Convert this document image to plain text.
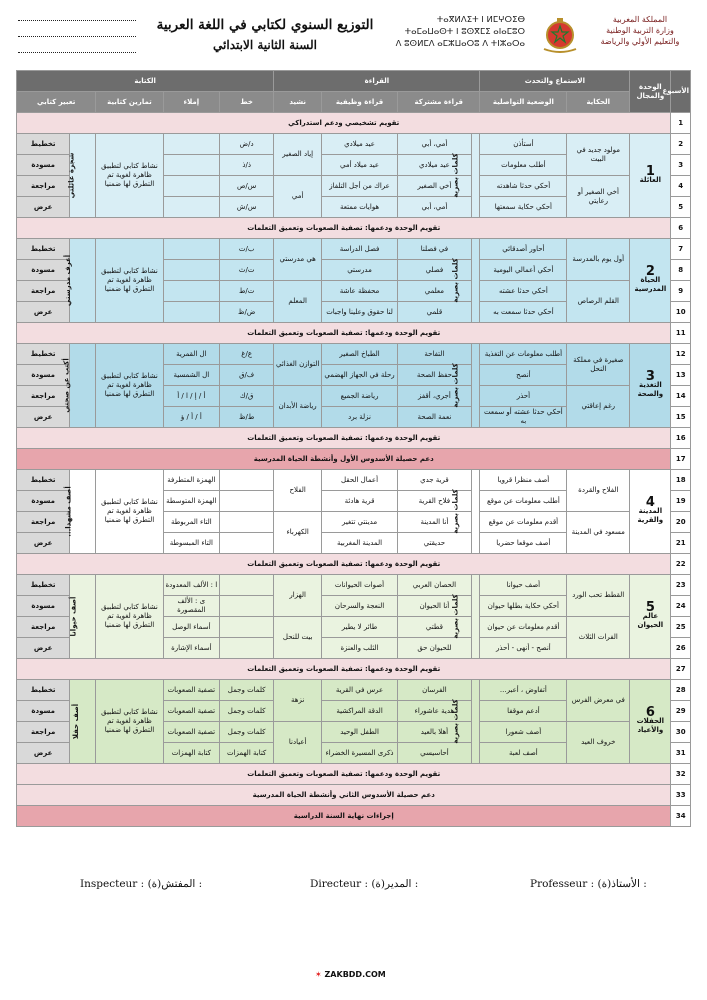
التوزيع السنوي لكتابي في اللغة العربية
السنة الثانية الابتدائي
ⵜⴰⴳⵍⴷⵉⵜ ⵏ ⵍⵎⵖⵔⵉⴱ
ⵜⴰⵎⴰⵡⴰⵙⵜ ⵏ ⵓⵙⴳⵎⵉ ⴰⵏⴰⵎⵓⵔ
ⴷ ⵓⵙⵍⵎⴷ ⴰⵎⵣⵡⴰⵔⵓ ⴷ ⵜⵏⵣⴰⵔⴰ
المملكة المغربية
وزارة التربية الوطنية
والتعليم الأولي والرياضة
الأسبوع	الوحدة والمجال	الاستماع والتحدث		القراءة				الكتابة				
		الحكاية	الوضعية التواصلية	قراءة مشتركة		قراءة وظيفية	نشيد	خط	إملاء	تمارين كتابية	تعبير كتابي	
1	تقويم تشخيصي ودعم استدراكي											
2	1
العائلة	مولود جديد في البيت	أستأذن	كلمات بصرية	أمي، أبي	عيد ميلادي	إياد الصغير	د/ض		نشاط كتابي لتطبيق ظاهرة لغوية تم التطرق لها ضمنيا	شجرة عائلتي	تخطيط
3			أطلب معلومات		عيد ميلادي	عيد ميلاد أمي		ذ/ذ				مسودة
4		أخي الصغير أو رعايتي	أحكي حدثا شاهدته		أخي الصغير	عراك من أجل التلفاز	أمي	س/ص				مراجعة
5			أحكي حكاية سمعتها		أمي، أبي	هوايات ممتعة		س/ش				عرض
6	تقويم الوحدة ودعمها: تصفية الصعوبات وتعميق التعلمات											
7	2
الحياة المدرسية	أول يوم بالمدرسة	أحاور أصدقائي	كلمات بصرية	في فصلنا	فصل الدراسة	هي مدرستي	ب/ت		نشاط كتابي لتطبيق ظاهرة لغوية تم التطرق لها ضمنيا	أعرف مدرستي	تخطيط
8			أحكي أعمالي اليومية		فصلي	مدرستي		ت/ث				مسودة
9		القلم الرصاص	أحكي حدثا عشته		معلمي	محفظة عاشة	المعلم	ت/ط				مراجعة
10			أحكي حدثا سمعت به		قلمي	لنا حقوق وعلينا واجبات		ض/ظ				عرض
11	تقويم الوحدة ودعمها: تصفية الصعوبات وتعميق التعلمات											
12	3
التغذية والصحة	صغيرة في مملكة النحل	أطلب معلومات عن التغذية	كلمات بصرية	التفاحة	الطباخ الصغير	التوازن الغذائي	ع/غ	ال القمرية	نشاط كتابي لتطبيق ظاهرة لغوية تم التطرق لها ضمنيا	أكتب عن صحتي	تخطيط
13			أنصح		حفظ الصحة	رحلة في الجهاز الهضمي		ف/ق	ال الشمسية			مسودة
14		رغم إعاقتي	أحذر		أجري، أقفز	رياضة الجميع	رياضة الأبدان	ق/ك	أ / إ / ا / أ			مراجعة
15			أحكي حدثا عشته أو سمعت به		نعمة الصحة	نزلة برد		ط/ظ	أ / أ / ؤ			عرض
16	تقويم الوحدة ودعمها: تصفية الصعوبات وتعميق التعلمات											
17	دعم حصيلة الأسدوس الأول وأنشطة الحياة المدرسية											
18	4
المدينة والقرية	الفلاح والقردة	أصف منظرا قرويا	كلمات بصرية	قرية جدي	أعمال الحقل	الفلاح		الهمزة المتطرفة	نشاط كتابي لتطبيق ظاهرة لغوية تم التطرق لها ضمنيا	أصف مشهدا...	تخطيط
19			أطلب معلومات عن موقع		فلاح القرية	قرية هادئة			الهمزة المتوسطة			مسودة
20		مسعود في المدينة	أقدم معلومات عن موقع		أنا المدينة	مدينتي تتغير	الكهرباء		التاء المربوطة			مراجعة
21			أصف موقعا حضريا		حديقتي	المدينة المغربية			التاء المبسوطة			عرض
22	تقويم الوحدة ودعمها: تصفية الصعوبات وتعميق التعلمات											
23	5
عالم الحيوان	القطط تحب الورد	أصف حيوانا	كلمات بصرية	الحصان العربي	أصوات الحيوانات	الهزار		ا : الألف المعدودة	نشاط كتابي لتطبيق ظاهرة لغوية تم التطرق لها ضمنيا	أصف حيوانا	تخطيط
24			أحكي حكاية بطلها حيوان		أنا الحيوان	النعجة والسرحان			ى : الألف المقصورة			مسودة
25		الفرات الثلاث	أقدم معلومات عن حيوان		قطتي	طائر لا يطير	بيت للنحل		أسماء الوصل			مراجعة
26			أنصح - أنهى - أحذر		للحيوان حق	الثلب والعنزة			أسماء الإشارة			عرض
27	تقويم الوحدة ودعمها: تصفية الصعوبات وتعميق التعلمات											
28	6
الحفلات والأعياد	في معرض الفرس	أتفاوض ، أعبر...	كلمات بصرية	الفرسان	عرس في القرية	نزهة	كلمات وجمل	تصفية الصعوبات	نشاط كتابي لتطبيق ظاهرة لغوية تم التطرق لها ضمنيا	أصف حفلا	تخطيط
29			أدعم موقفا		هدية عاشوراء	الدقة المراكشية		كلمات وجمل	تصفية الصعوبات			مسودة
30		خروف العيد	أصف شعورا		أهلا بالعيد	الطفل الوحيد	أعيادنا	كلمات وجمل	تصفية الصعوبات			مراجعة
31			أصف لعبة		أحاسيسي	ذكرى المسيرة الخضراء		كتابة الهمزات	كتابة الهمزات			عرض
32	تقويم الوحدة ودعمها: تصفية الصعوبات وتعميق التعلمات											
33	دعم حصيلة الأسدوس الثاني وأنشطة الحياة المدرسية											
34	إجراءات نهاية السنة الدراسية											
Professeur : الأستاذ(ة) :
Directeur : المدير(ة) :
Inspecteur : المفتش(ة) :
✶ ZAKBDD.COM
